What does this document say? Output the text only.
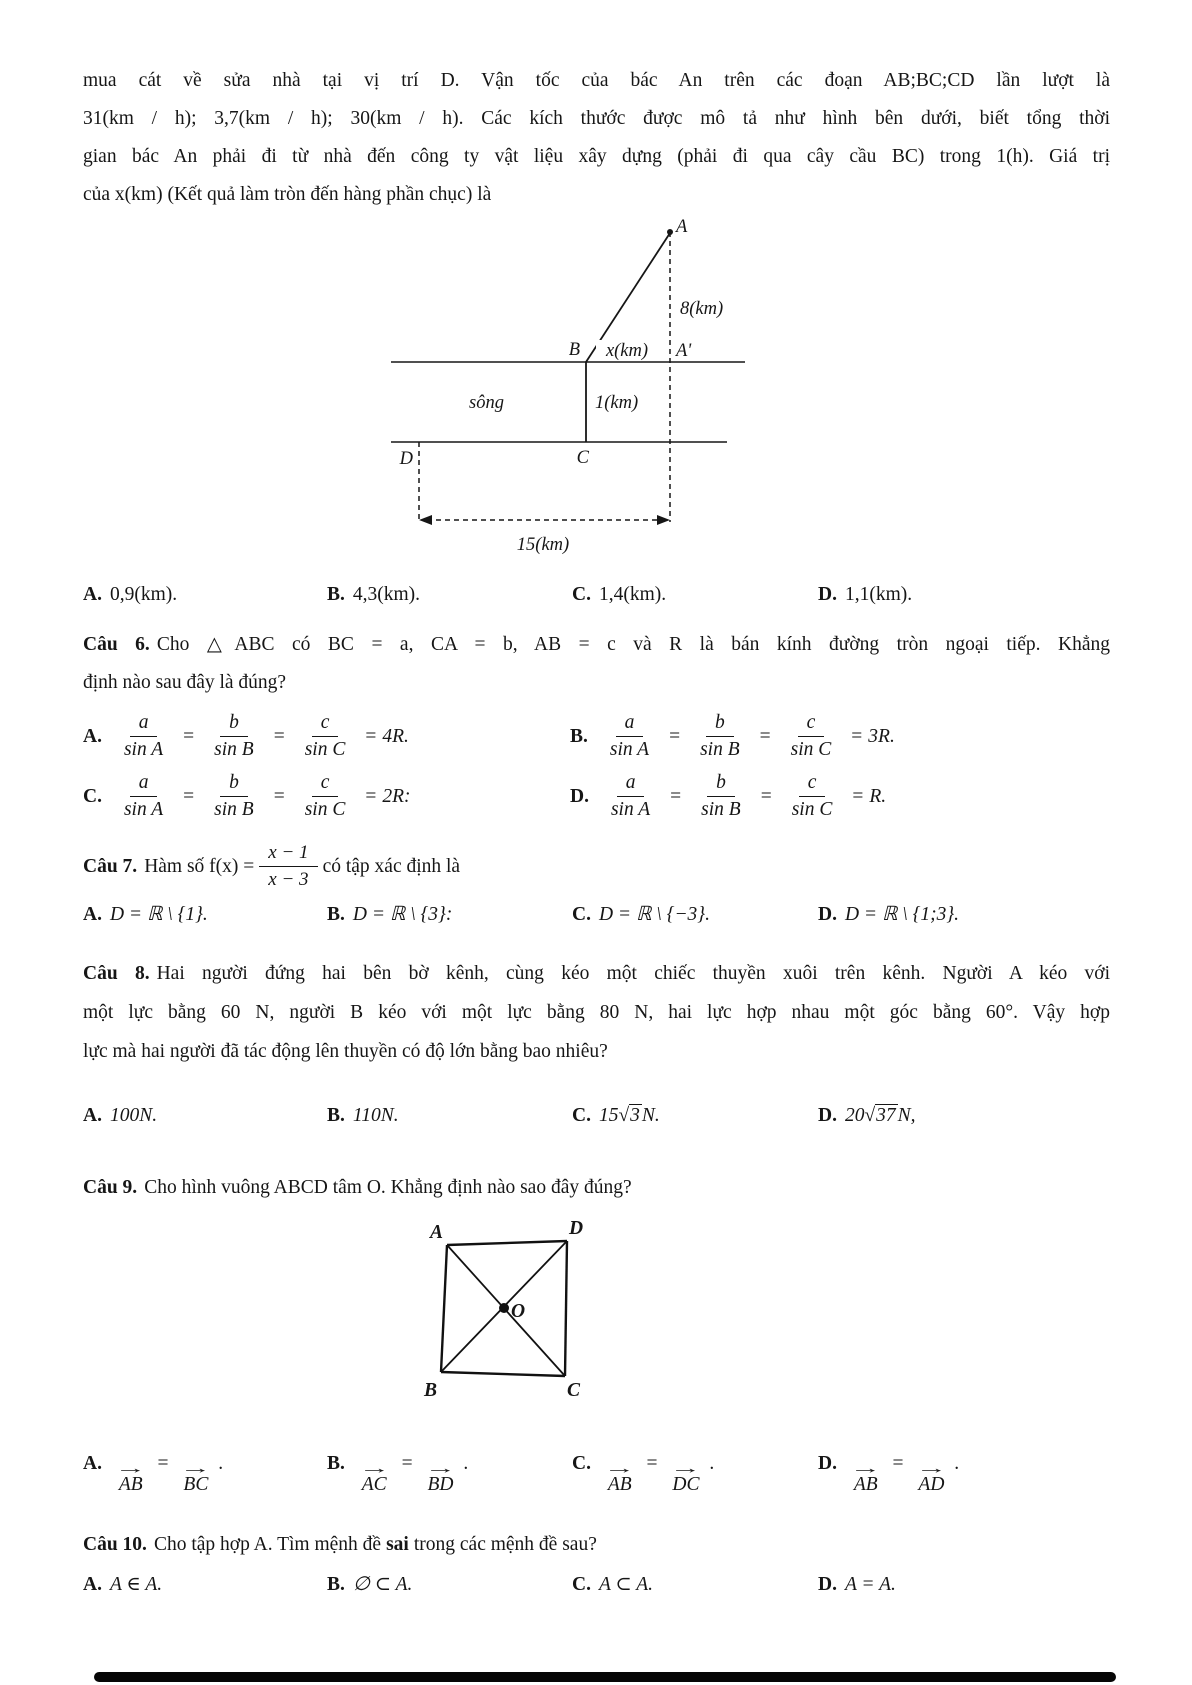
mua cát về sửa nhà tại vị trí D. Vận tốc của bác An trên các đoạn AB;BC;CD lần lượt là
31(km / h); 3,7(km / h); 30(km / h). Các kích thước được mô tả như hình bên dưới, biết tổng thời
gian bác An phải đi từ nhà đến công ty vật liệu xây dựng (phải đi qua cây cầu BC) trong 1(h). Giá trị
của x(km) (Kết quả làm tròn đến hàng phần chục) là
A
8(km)
B x(km) A'
sông	1(km)
D	C
15(km)
A. 0,9(km).	B. 4,3(km).	C. 1,4(km).	D. 1,1(km).
Câu 6. Cho △ABC có BC = a, CA = b, AB = c và R là bán kính đường tròn ngoại tiếp. Khẳng
định nào sau đây là đúng?
A. $\frac{a}{\text{sin A}} = \frac{b}{\text{sin B}} = \frac{c}{\text{sin C}} = 4R$.	B. $\frac{a}{\text{sin A}} = \frac{b}{\text{sin B}} = \frac{c}{\text{sin C}} = 3R$.
C. $\frac{a}{\text{sin A}} = \frac{b}{\text{sin B}} = \frac{c}{\text{sin C}} = 2R$:	D. $\frac{a}{\text{sin A}} = \frac{b}{\text{sin B}} = \frac{c}{\text{sin C}} = R$.
Câu 7. Hàm số $f(x) = \frac{x - 1}{x - 3}$ có tập xác định là
A. D = ℝ \ {1}.	B. D = ℝ \ {3}:	C. D = ℝ \ {−3}.	D. D = ℝ \ {1;3}.
Câu 8. Hai người đứng hai bên bờ kênh, cùng kéo một chiếc thuyền xuôi trên kênh. Người A kéo với
một lực bằng 60 N, người B kéo với một lực bằng 80 N, hai lực hợp nhau một góc bằng 60°. Vậy hợp
lực mà hai người đã tác động lên thuyền có độ lớn bằng bao nhiêu?
A. 100N.	B. 110N.	C. 15√3 N.	D. 20√37 N,
Câu 9. Cho hình vuông ABCD tâm O. Khẳng định nào sao đây đúng?
A	D
B	C
O
A. →
AB
= →
BC
.	B. →
AC
= →
BD
.	C. →
AB
= →
DC
.	D. →
AB
= →
AD
.
Câu 10. Cho tập hợp A. Tìm mệnh đề sai trong các mệnh đề sau?
A. A ∈ A.	B. ∅ ⊂ A.	C. A ⊂ A.	D. A = A.
